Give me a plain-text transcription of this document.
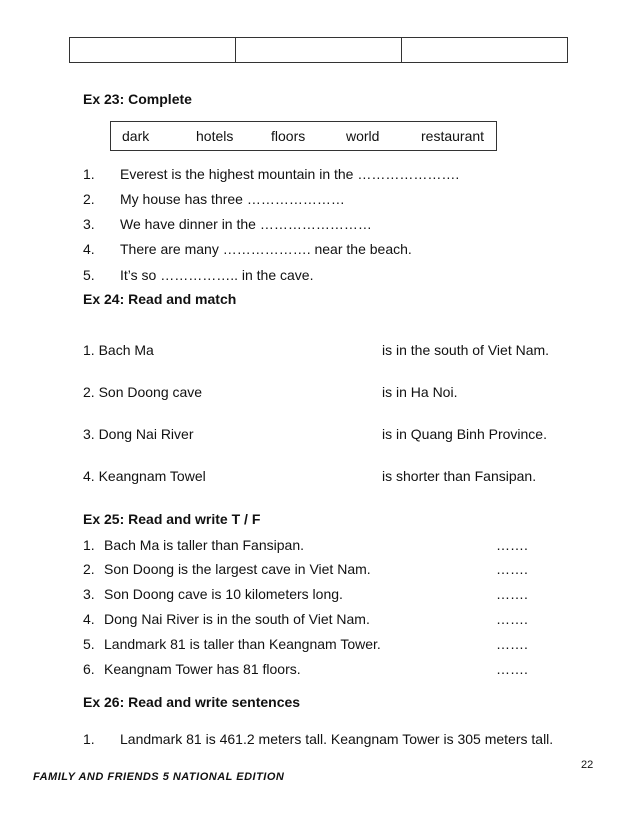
Ex 23: Complete
dark	hotels	floors	world	restaurant
1. Everest is the highest mountain in the ………………….
2. My house has three …………………
3. We have dinner in the ……………………
4. There are many ………………. near the beach.
5. It’s so …………….. in the cave.
Ex 24: Read and match
1. Bach Ma	is in the south of Viet Nam.
2. Son Doong cave	is in Ha Noi.
3. Dong Nai River	is in Quang Binh Province.
4. Keangnam Towel	is shorter than Fansipan.
Ex 25: Read and write T / F
1. Bach Ma is taller than Fansipan.	…….
2. Son Doong is the largest cave in Viet Nam.	…….
3. Son Doong cave is 10 kilometers long.	…….
4. Dong Nai River is in the south of Viet Nam.	…….
5. Landmark 81 is taller than Keangnam Tower.	…….
6. Keangnam Tower has 81 floors.	…….
Ex 26: Read and write sentences
1. Landmark 81 is 461.2 meters tall. Keangnam Tower is 305 meters tall.
22
FAMILY AND FRIENDS 5 NATIONAL EDITION
